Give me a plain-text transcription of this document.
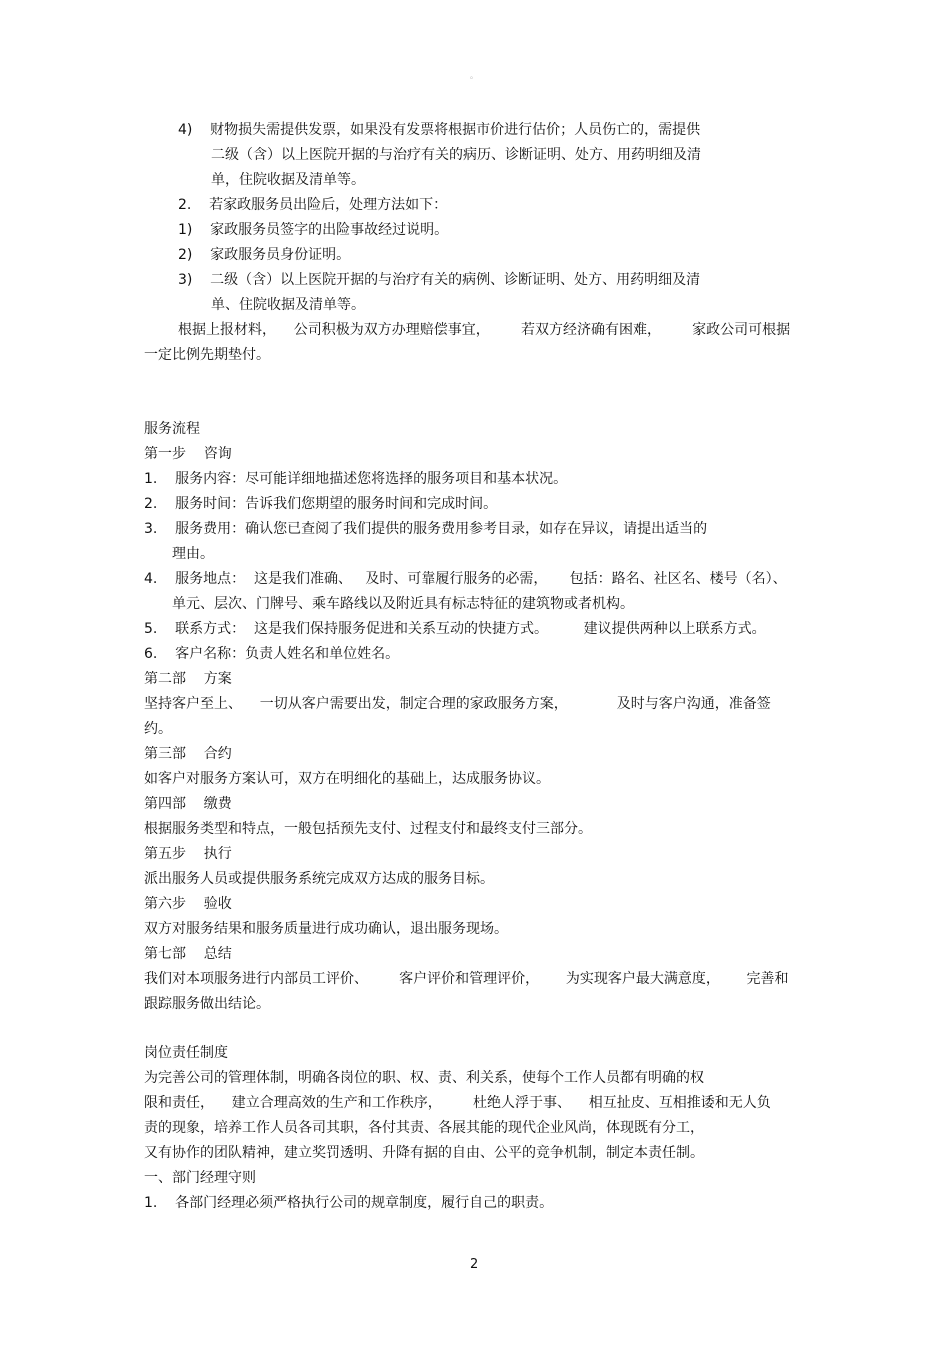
。
4)    财物损失需提供发票，如果没有发票将根据市价进行估价；人员伤亡的，需提供
二级（含）以上医院开据的与治疗有关的病历、诊断证明、处方、用药明细及清
单，住院收据及清单等。
2.    若家政服务员出险后，处理方法如下：
1)    家政服务员签字的出险事故经过说明。
2)    家政服务员身份证明。
3)    二级（含）以上医院开据的与治疗有关的病例、诊断证明、处方、用药明细及清
单、住院收据及清单等。
根据上报材料，    公司积极为双方办理赔偿事宜，       若双方经济确有困难，       家政公司可根据
一定比例先期垫付。
服务流程
第一步    咨询
1.    服务内容：尽可能详细地描述您将选择的服务项目和基本状况。
2.    服务时间：告诉我们您期望的服务时间和完成时间。
3.    服务费用：确认您已查阅了我们提供的服务费用参考目录，如存在异议，请提出适当的
理由。
4.    服务地点：  这是我们准确、   及时、可靠履行服务的必需，     包括：路名、社区名、楼号（名）、
单元、层次、门牌号、乘车路线以及附近具有标志特征的建筑物或者机构。
5.    联系方式：  这是我们保持服务促进和关系互动的快捷方式。        建议提供两种以上联系方式。
6.    客户名称：负责人姓名和单位姓名。
第二部    方案
坚持客户至上、    一切从客户需要出发，制定合理的家政服务方案，           及时与客户沟通，准备签
约。
第三部    合约
如客户对服务方案认可，双方在明细化的基础上，达成服务协议。
第四部    缴费
根据服务类型和特点，一般包括预先支付、过程支付和最终支付三部分。
第五步    执行
派出服务人员或提供服务系统完成双方达成的服务目标。
第六步    验收
双方对服务结果和服务质量进行成功确认，退出服务现场。
第七部    总结
我们对本项服务进行内部员工评价、       客户评价和管理评价，      为实现客户最大满意度，      完善和
跟踪服务做出结论。
岗位责任制度
为完善公司的管理体制，明确各岗位的职、权、责、利关系，使每个工作人员都有明确的权
限和责任，    建立合理高效的生产和工作秩序，       杜绝人浮于事、    相互扯皮、互相推诿和无人负
责的现象，培养工作人员各司其职，各付其责、各展其能的现代企业风尚，体现既有分工，
又有协作的团队精神，建立奖罚透明、升降有据的自由、公平的竞争机制，制定本责任制。
一、部门经理守则
1.    各部门经理必须严格执行公司的规章制度，履行自己的职责。
2
